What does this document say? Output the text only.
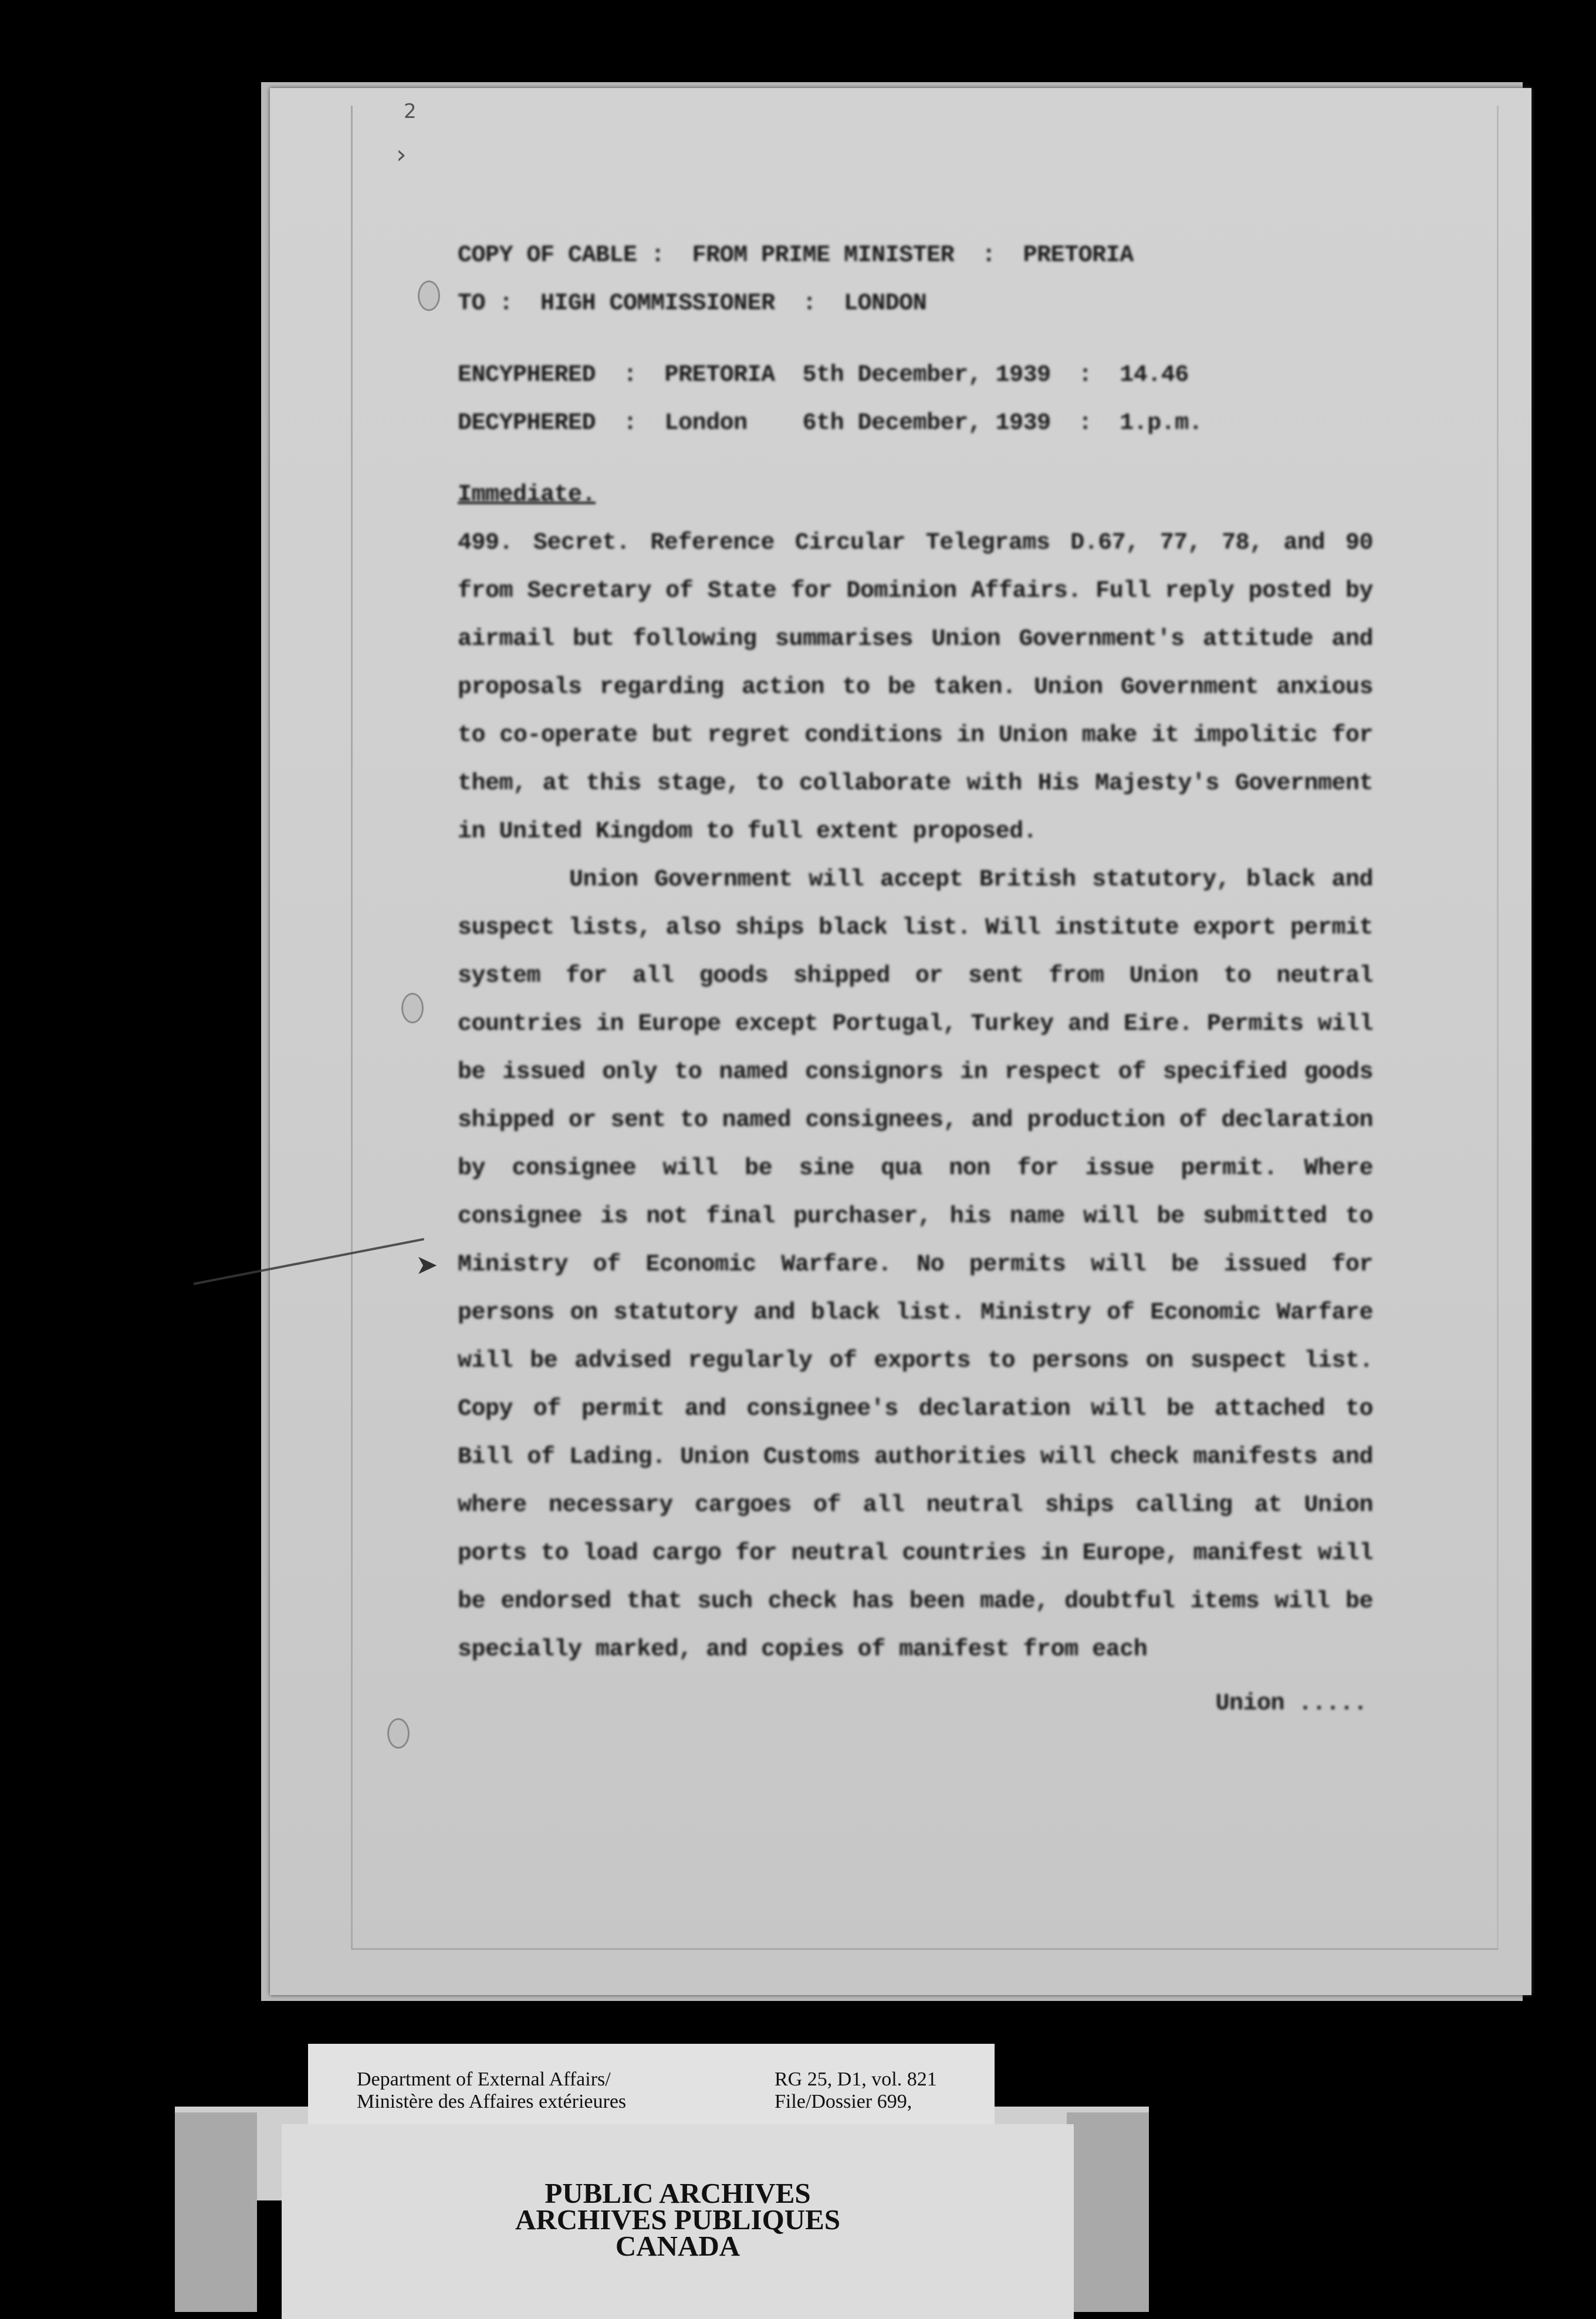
2
›
➤

COPY OF CABLE :  FROM PRIME MINISTER  :  PRETORIA

TO :  HIGH COMMISSIONER  :  LONDON

ENCYPHERED  :  PRETORIA  5th December, 1939  :  14.46

DECYPHERED  :  London    6th December, 1939  :  1.p.m.

Immediate.

499. Secret. Reference Circular Telegrams D.67, 77, 78, and 90 from Secretary of State for Dominion Affairs. Full reply posted by airmail but following summarises Union Government's attitude and proposals regarding action to be taken. Union Government anxious to co-operate but regret conditions in Union make it impolitic for them, at this stage, to collaborate with His Majesty's Government in United Kingdom to full extent proposed.

Union Government will accept British statutory, black and suspect lists, also ships black list. Will institute export permit system for all goods shipped or sent from Union to neutral countries in Europe except Portugal, Turkey and Eire. Permits will be issued only to named consignors in respect of specified goods shipped or sent to named consignees, and production of declaration by consignee will be sine qua non for issue permit. Where consignee is not final purchaser, his name will be submitted to Ministry of Economic Warfare. No permits will be issued for persons on statutory and black list. Ministry of Economic Warfare will be advised regularly of exports to persons on suspect list. Copy of permit and consignee's declaration will be attached to Bill of Lading. Union Customs authorities will check manifests and where necessary cargoes of all neutral ships calling at Union ports to load cargo for neutral countries in Europe, manifest will be endorsed that such check has been made, doubtful items will be specially marked, and copies of manifest from each

Union .....

Department of External Affairs/
Ministère des Affaires extérieures
RG 25, D1, vol. 821
File/Dossier 699,
PUBLIC ARCHIVES
ARCHIVES PUBLIQUES
CANADA
